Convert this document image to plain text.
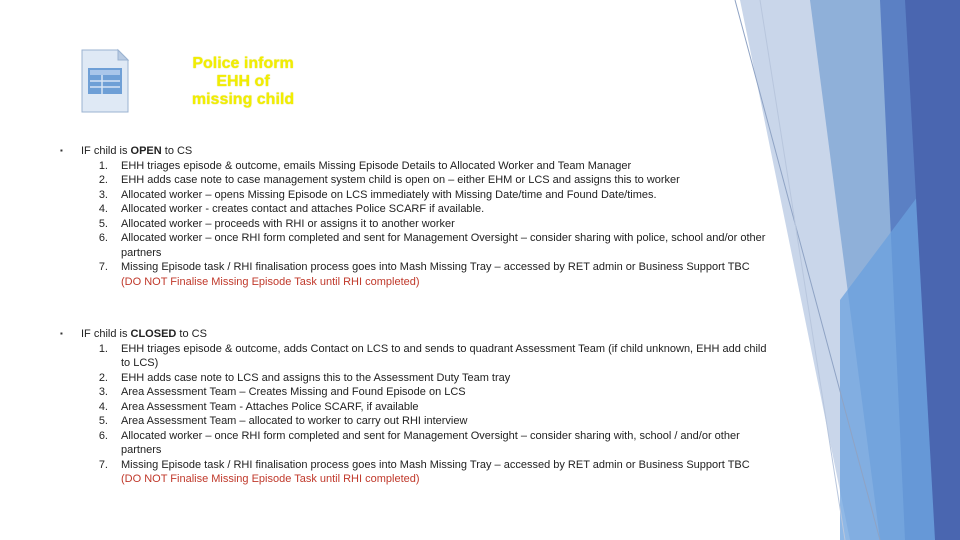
Police inform
EHH of
missing child
▪ IF child is OPEN to CS
1. EHH triages episode & outcome, emails Missing Episode Details to Allocated Worker and Team Manager
2. EHH adds case note to case management system child is open on – either EHM or LCS and assigns this to worker
3. Allocated worker – opens Missing Episode on LCS immediately with Missing Date/time and Found Date/times.
4. Allocated worker - creates contact and attaches Police SCARF if available.
5. Allocated worker – proceeds with RHI or assigns it to another worker
6. Allocated worker – once RHI form completed and sent for Management Oversight – consider sharing with police, school and/or other partners
7. Missing Episode task / RHI finalisation process goes into Mash Missing Tray – accessed by RET admin or Business Support TBC (DO NOT Finalise Missing Episode Task until RHI completed)
▪ IF child is CLOSED to CS
1. EHH triages episode & outcome, adds Contact on LCS to and sends to quadrant Assessment Team (if child unknown, EHH add child to LCS)
2. EHH adds case note to LCS and assigns this to the Assessment Duty Team tray
3. Area Assessment Team – Creates Missing and Found Episode on LCS
4. Area Assessment Team - Attaches Police SCARF, if available
5. Area Assessment Team – allocated to worker to carry out RHI interview
6. Allocated worker – once RHI form completed and sent for Management Oversight – consider sharing with, school / and/or other partners
7. Missing Episode task / RHI finalisation process goes into Mash Missing Tray – accessed by RET admin or Business Support TBC (DO NOT Finalise Missing Episode Task until RHI completed)
